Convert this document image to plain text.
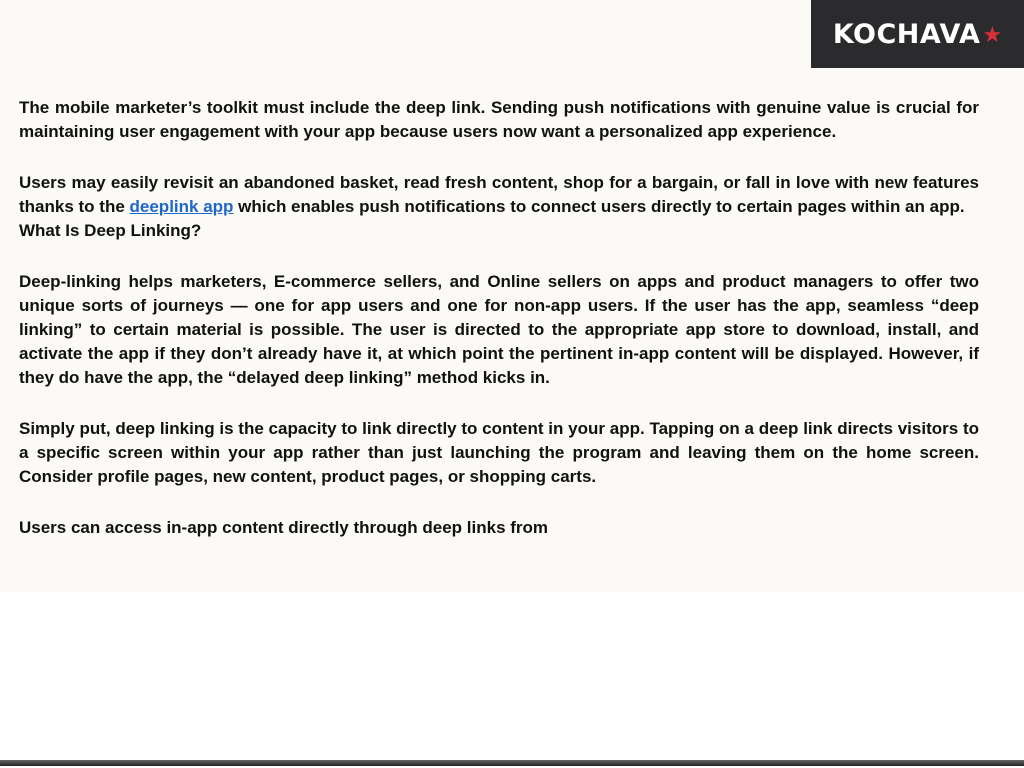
KOCHAVA ★

The mobile marketer’s toolkit must include the deep link. Sending push notifications with genuine value is crucial for maintaining user engagement with your app because users now want a personalized app experience.

Users may easily revisit an abandoned basket, read fresh content, shop for a bargain, or fall in love with new features thanks to the deeplink app which enables push notifications to connect users directly to certain pages within an app.

What Is Deep Linking?

Deep-linking helps marketers, E-commerce sellers, and Online sellers on apps and product managers to offer two unique sorts of journeys — one for app users and one for non-app users. If the user has the app, seamless “deep linking” to certain material is possible. The user is directed to the appropriate app store to download, install, and activate the app if they don’t already have it, at which point the pertinent in-app content will be displayed. However, if they do have the app, the “delayed deep linking” method kicks in.

Simply put, deep linking is the capacity to link directly to content in your app. Tapping on a deep link directs visitors to a specific screen within your app rather than just launching the program and leaving them on the home screen. Consider profile pages, new content, product pages, or shopping carts.

Users can access in-app content directly through deep links from
